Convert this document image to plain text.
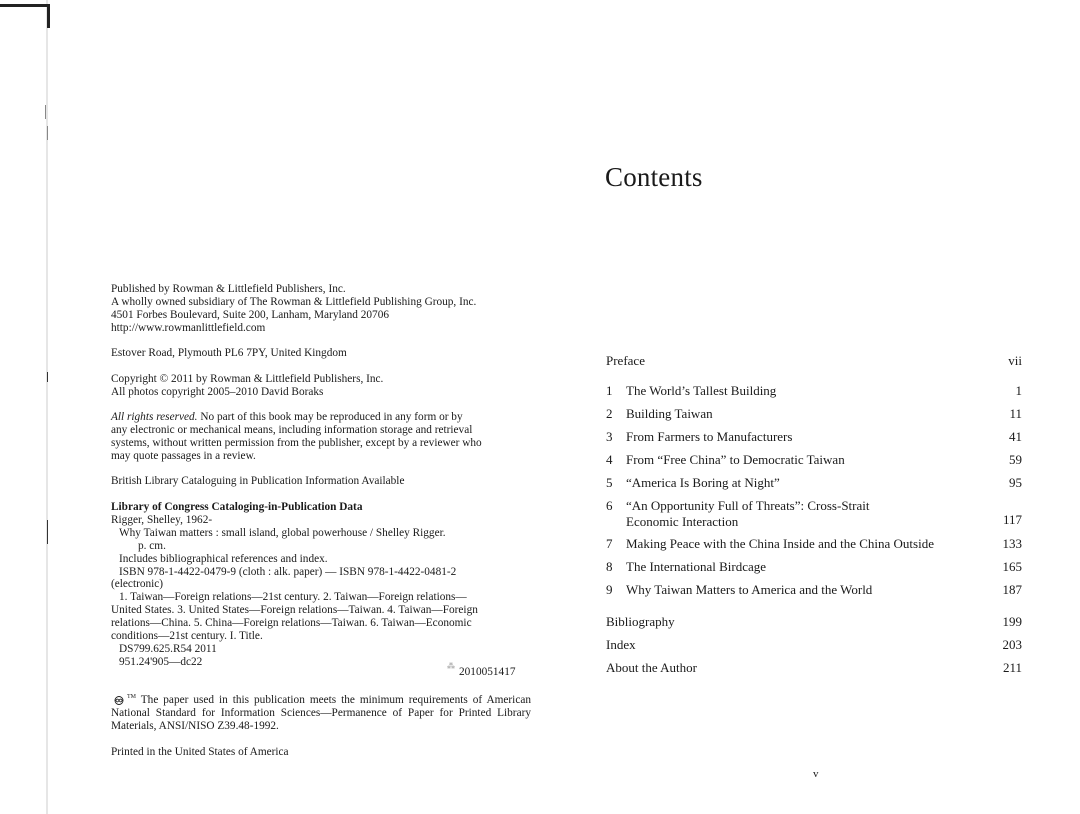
Published by Rowman & Littlefield Publishers, Inc.

A wholly owned subsidiary of The Rowman & Littlefield Publishing Group, Inc.

4501 Forbes Boulevard, Suite 200, Lanham, Maryland 20706

http://www.rowmanlittlefield.com

Estover Road, Plymouth PL6 7PY, United Kingdom

Copyright © 2011 by Rowman & Littlefield Publishers, Inc.

All photos copyright 2005–2010 David Boraks

All rights reserved. No part of this book may be reproduced in any form or by

any electronic or mechanical means, including information storage and retrieval

systems, without written permission from the publisher, except by a reviewer who

may quote passages in a review.

British Library Cataloguing in Publication Information Available

Library of Congress Cataloging-in-Publication Data

Rigger, Shelley, 1962-

Why Taiwan matters : small island, global powerhouse / Shelley Rigger.

p. cm.

Includes bibliographical references and index.

ISBN 978-1-4422-0479-9 (cloth : alk. paper) — ISBN 978-1-4422-0481-2

(electronic)

1. Taiwan—Foreign relations—21st century. 2. Taiwan—Foreign relations—

United States. 3. United States—Foreign relations—Taiwan. 4. Taiwan—Foreign

relations—China. 5. China—Foreign relations—Taiwan. 6. Taiwan—Economic

conditions—21st century. I. Title.

DS799.625.R54 2011

951.24'905—dc22	⁂ 2010051417

™ The paper used in this publication meets the minimum requirements of American National Standard for Information Sciences—Permanence of Paper for Printed Library Materials, ANSI/NISO Z39.48-1992.

Printed in the United States of America

Contents
Preface	vii
1	The World’s Tallest Building	1
2	Building Taiwan	11
3	From Farmers to Manufacturers	41
4	From “Free China” to Democratic Taiwan	59
5	“America Is Boring at Night”	95
6	“An Opportunity Full of Threats”: Cross-Strait
Economic Interaction	117
7	Making Peace with the China Inside and the China Outside	133
8	The International Birdcage	165
9	Why Taiwan Matters to America and the World	187
Bibliography	199
Index	203
About the Author	211
v
